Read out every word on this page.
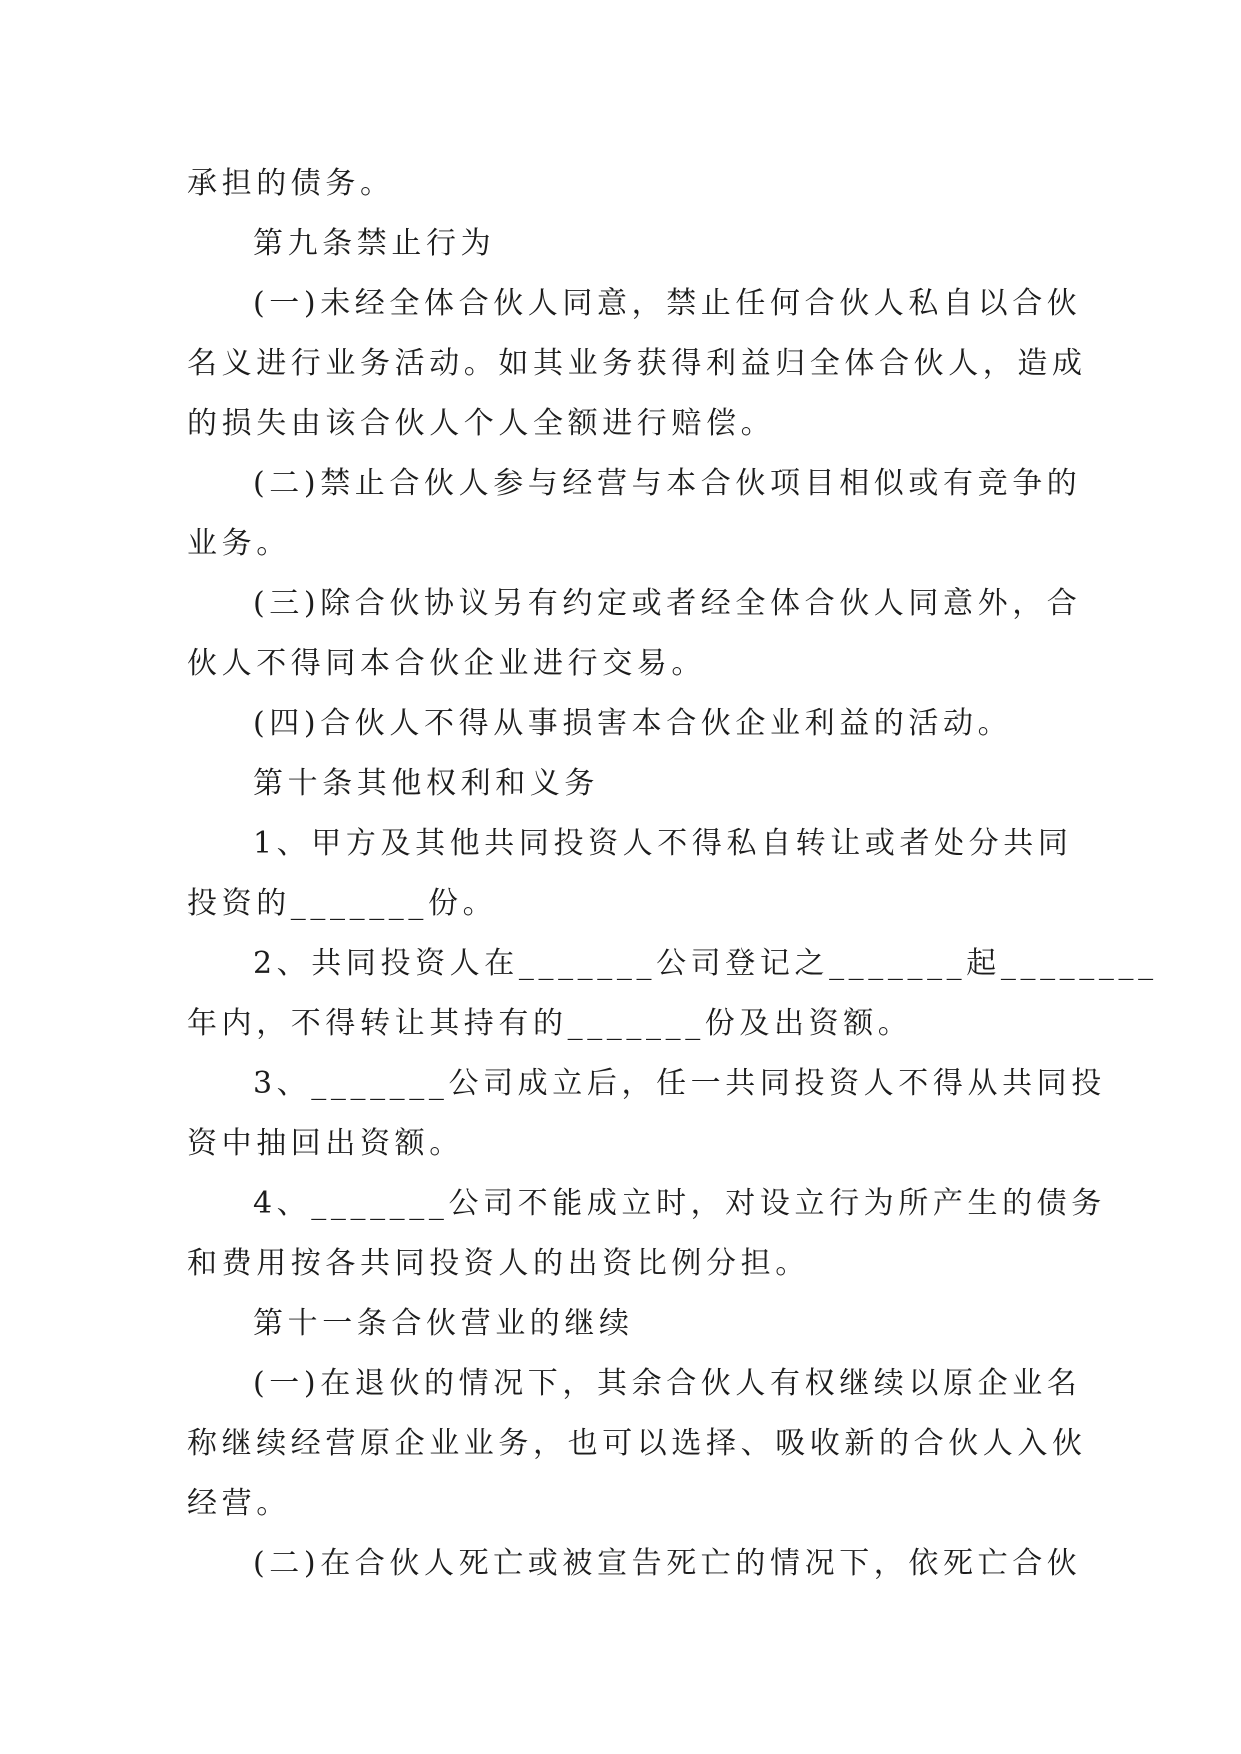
承担的债务。
第九条禁止行为
(一)未经全体合伙人同意，禁止任何合伙人私自以合伙
名义进行业务活动。如其业务获得利益归全体合伙人，造成
的损失由该合伙人个人全额进行赔偿。
(二)禁止合伙人参与经营与本合伙项目相似或有竞争的
业务。
(三)除合伙协议另有约定或者经全体合伙人同意外，合
伙人不得同本合伙企业进行交易。
(四)合伙人不得从事损害本合伙企业利益的活动。
第十条其他权利和义务
1、甲方及其他共同投资人不得私自转让或者处分共同
投资的_______份。
2、共同投资人在_______公司登记之_______起________
年内，不得转让其持有的_______份及出资额。
3、_______公司成立后，任一共同投资人不得从共同投
资中抽回出资额。
4、_______公司不能成立时，对设立行为所产生的债务
和费用按各共同投资人的出资比例分担。
第十一条合伙营业的继续
(一)在退伙的情况下，其余合伙人有权继续以原企业名
称继续经营原企业业务，也可以选择、吸收新的合伙人入伙
经营。
(二)在合伙人死亡或被宣告死亡的情况下，依死亡合伙
